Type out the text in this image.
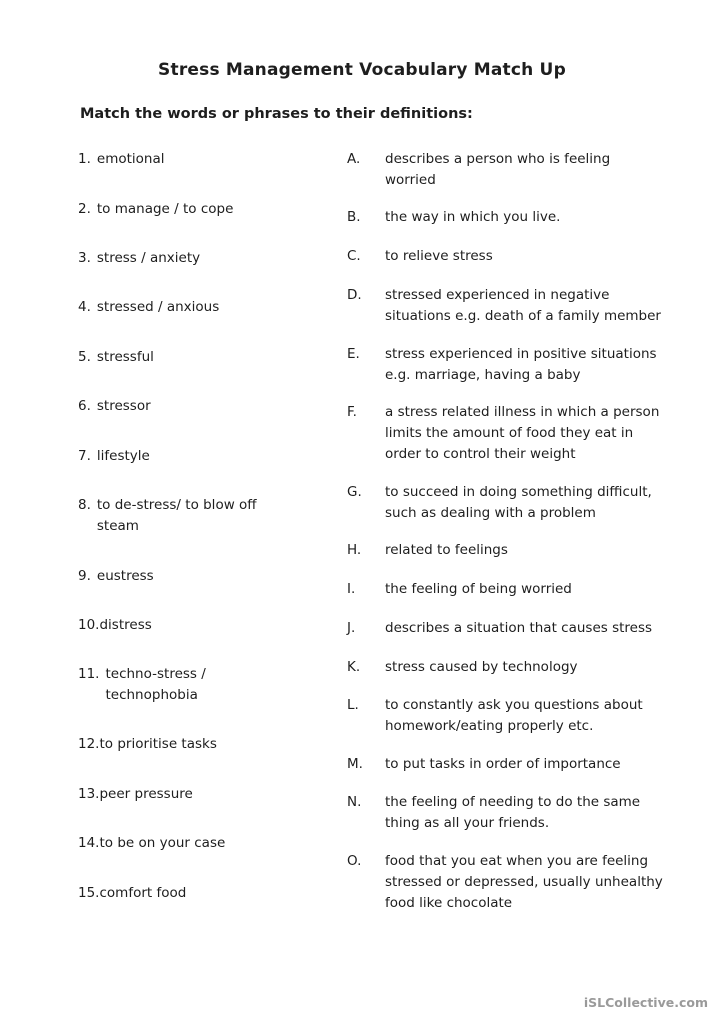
Stress Management Vocabulary Match Up
Match the words or phrases to their definitions:
1. emotional
2. to manage / to cope
3. stress / anxiety
4. stressed / anxious
5. stressful
6. stressor
7. lifestyle
8. to de-stress/ to blow off steam
9. eustress
10. distress
11. techno-stress / technophobia
12. to prioritise tasks
13. peer pressure
14. to be on your case
15. comfort food
A.	describes a person who is feeling worried
B.	the way in which you live.
C.	to relieve stress
D.	stressed experienced in negative situations e.g. death of a family member
E.	stress experienced in positive situations e.g. marriage, having a baby
F.	a stress related illness in which a person limits the amount of food they eat in order to control their weight
G.	to succeed in doing something difficult, such as dealing with a problem
H.	related to feelings
I.	the feeling of being worried
J.	describes a situation that causes stress
K.	stress caused by technology
L.	to constantly ask you questions about homework/eating properly etc.
M.	to put tasks in order of importance
N.	the feeling of needing to do the same thing as all your friends.
O.	food that you eat when you are feeling stressed or depressed, usually unhealthy food like chocolate
iSLCollective.com
